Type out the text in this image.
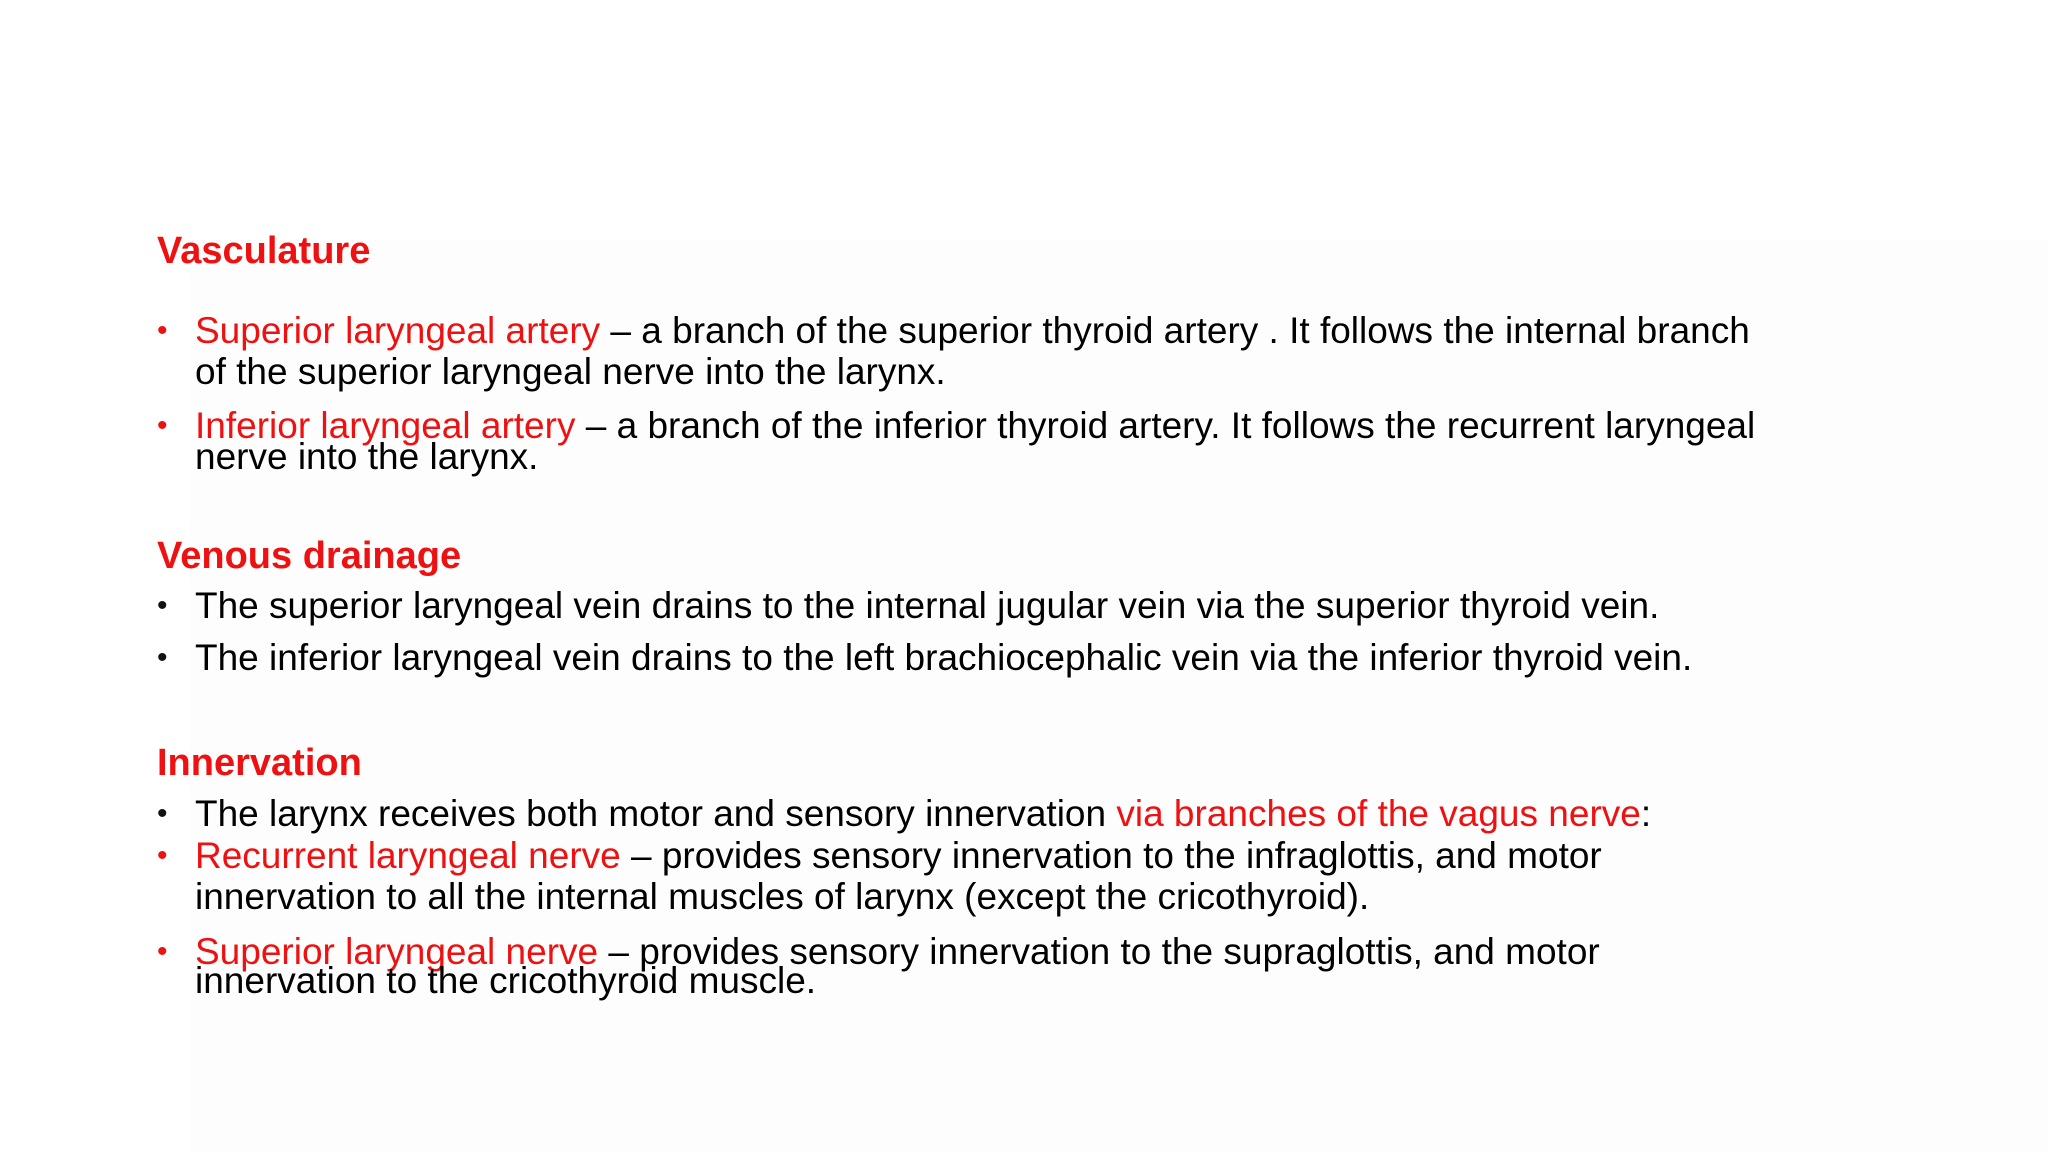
Vasculature
• Superior laryngeal artery – a branch of the superior thyroid artery . It follows the internal branch
of the superior laryngeal nerve into the larynx.
• Inferior laryngeal artery – a branch of the inferior thyroid artery. It follows the recurrent laryngeal
nerve into the larynx.
Venous drainage
• The superior laryngeal vein drains to the internal jugular vein via the superior thyroid vein.
• The inferior laryngeal vein drains to the left brachiocephalic vein via the inferior thyroid vein.
Innervation
• The larynx receives both motor and sensory innervation via branches of the vagus nerve:
• Recurrent laryngeal nerve – provides sensory innervation to the infraglottis, and motor
innervation to all the internal muscles of larynx (except the cricothyroid).
• Superior laryngeal nerve – provides sensory innervation to the supraglottis, and motor
innervation to the cricothyroid muscle.
